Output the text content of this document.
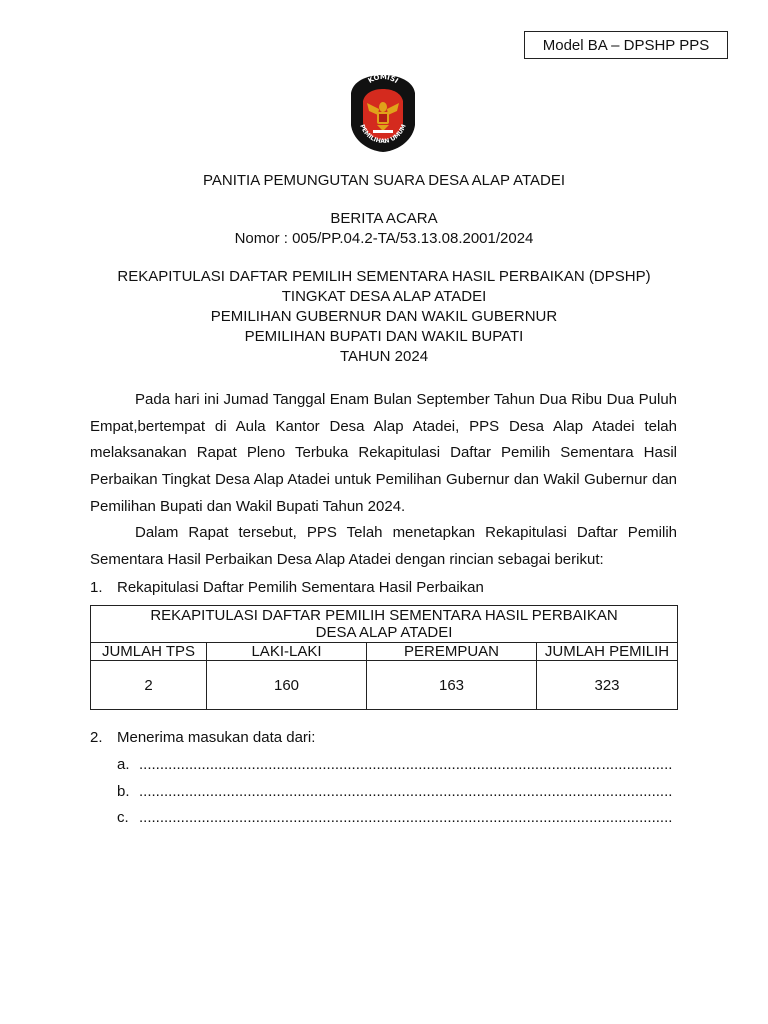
Model BA – DPSHP PPS
KOMISI
PEMILIHAN UMUM
PANITIA PEMUNGUTAN SUARA DESA ALAP ATADEI
BERITA ACARA
Nomor : 005/PP.04.2-TA/53.13.08.2001/2024
REKAPITULASI DAFTAR PEMILIH SEMENTARA HASIL PERBAIKAN (DPSHP)
TINGKAT DESA ALAP ATADEI
PEMILIHAN GUBERNUR DAN WAKIL GUBERNUR
PEMILIHAN BUPATI DAN WAKIL BUPATI
TAHUN 2024
Pada hari ini Jumad Tanggal Enam Bulan September Tahun Dua Ribu Dua Puluh Empat,bertempat di Aula Kantor Desa Alap Atadei, PPS Desa Alap Atadei telah melaksanakan Rapat Pleno Terbuka Rekapitulasi Daftar Pemilih Sementara Hasil Perbaikan Tingkat Desa Alap Atadei untuk Pemilihan Gubernur dan Wakil Gubernur dan Pemilihan Bupati dan Wakil Bupati Tahun 2024.
Dalam Rapat tersebut, PPS Telah menetapkan Rekapitulasi Daftar Pemilih Sementara Hasil Perbaikan Desa Alap Atadei dengan rincian sebagai berikut:
1. Rekapitulasi Daftar Pemilih Sementara Hasil Perbaikan
REKAPITULASI DAFTAR PEMILIH SEMENTARA HASIL PERBAIKAN
DESA ALAP ATADEI			

JUMLAH TPS	LAKI-LAKI	PEREMPUAN	JUMLAH PEMILIH
2	160	163	323
2. Menerima masukan data dari:
a. ................................................................................................................................
b. ................................................................................................................................
c. ................................................................................................................................
